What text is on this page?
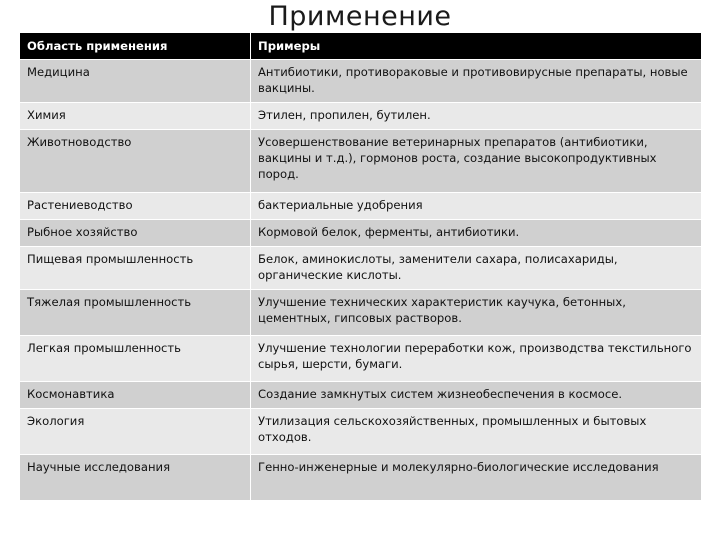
Применение
Область применения	Примеры
Медицина	Антибиотики, противораковые и противовирусные препараты, новые вакцины.
Химия	Этилен, пропилен, бутилен.
Животноводство	Усовершенствование ветеринарных препаратов (антибиотики, вакцины и т.д.), гормонов роста, создание высокопродуктивных пород.
Растениеводство	бактериальные удобрения
Рыбное хозяйство	Кормовой белок, ферменты, антибиотики.
Пищевая промышленность	Белок, аминокислоты, заменители сахара, полисахариды, органические кислоты.
Тяжелая промышленность	Улучшение технических характеристик каучука, бетонных, цементных, гипсовых растворов.
Легкая промышленность	Улучшение технологии переработки кож, производства текстильного сырья, шерсти, бумаги.
Космонавтика	Создание замкнутых систем жизнеобеспечения в космосе.
Экология	Утилизация сельскохозяйственных, промышленных и бытовых отходов.
Научные исследования	Генно-инженерные и молекулярно-биологические исследования
